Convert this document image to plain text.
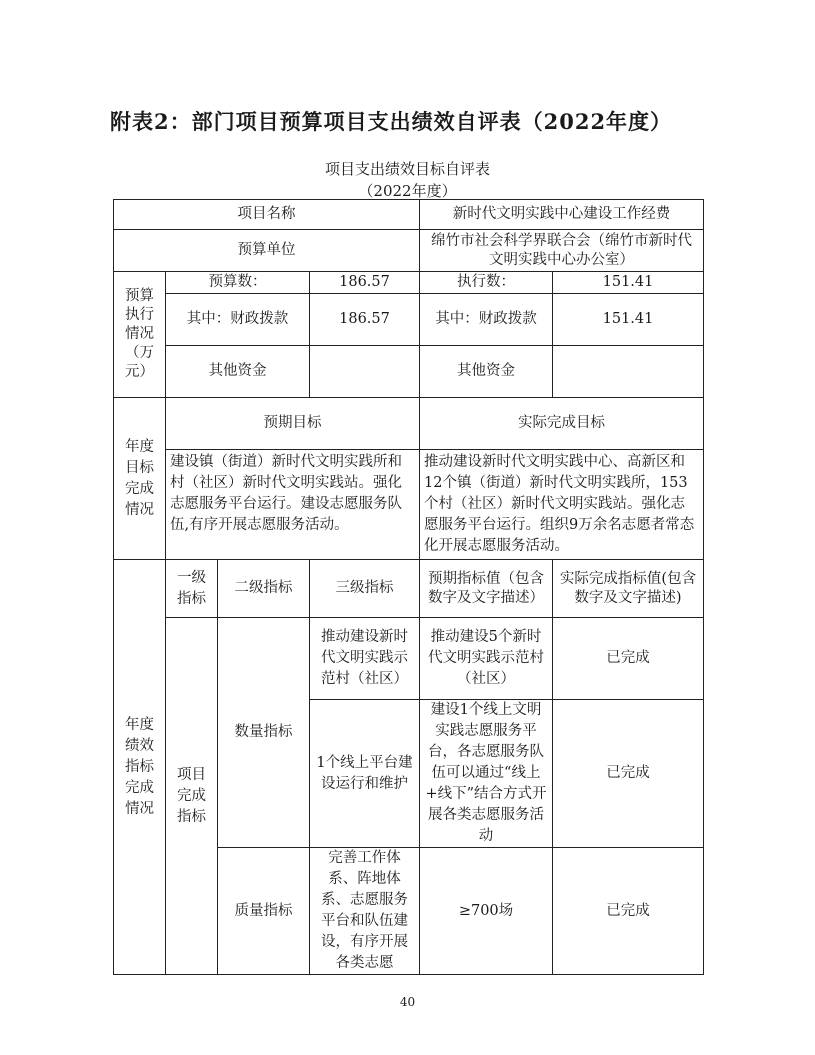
附表2：部门项目预算项目支出绩效自评表（2022年度）
项目支出绩效目标自评表
（2022年度）
项目名称				新时代文明实践中心建设工作经费	
预算单位				绵竹市社会科学界联合会（绵竹市新时代文明实践中心办公室）	
预算执行情况（万元）	预算数：		186.57	执行数：	151.41
	其中：财政拨款		186.57	其中：财政拨款	151.41
	其他资金			其他资金	
年度目标完成情况	预期目标			实际完成目标	
	建设镇（街道）新时代文明实践所和村（社区）新时代文明实践站。强化志愿服务平台运行。建设志愿服务队伍,有序开展志愿服务活动。			推动建设新时代文明实践中心、高新区和12个镇（街道）新时代文明实践所，153个村（社区）新时代文明实践站。强化志愿服务平台运行。组织9万余名志愿者常态化开展志愿服务活动。	
年度绩效指标完成情况	一级指标	二级指标	三级指标	预期指标值（包含数字及文字描述）	实际完成指标值(包含数字及文字描述)
	项目完成指标	数量指标	推动建设新时代文明实践示范村（社区）	推动建设5个新时代文明实践示范村（社区）	已完成
			1个线上平台建设运行和维护	建设1个线上文明实践志愿服务平台，各志愿服务队伍可以通过“线上+线下”结合方式开展各类志愿服务活动	已完成
		质量指标	完善工作体系、阵地体系、志愿服务平台和队伍建设，有序开展各类志愿	≥700场	已完成
40
